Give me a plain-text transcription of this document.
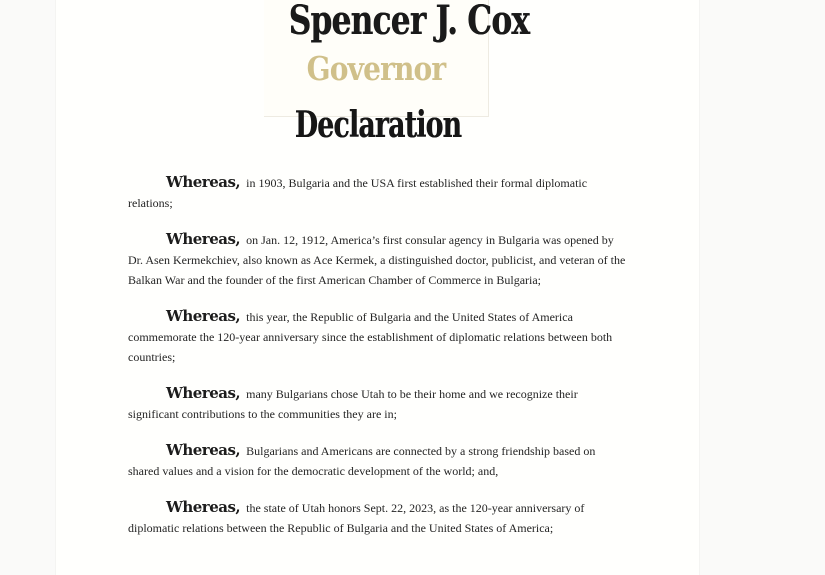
Spencer J. Cox
Governor
Declaration

Whereas, in 1903, Bulgaria and the USA first established their formal diplomatic relations;

Whereas, on Jan. 12, 1912, America’s first consular agency in Bulgaria was opened by Dr. Asen Kermekchiev, also known as Ace Kermek, a distinguished doctor, publicist, and veteran of the Balkan War and the founder of the first American Chamber of Commerce in Bulgaria;

Whereas, this year, the Republic of Bulgaria and the United States of America commemorate the 120-year anniversary since the establishment of diplomatic relations between both countries;

Whereas, many Bulgarians chose Utah to be their home and we recognize their significant contributions to the communities they are in;

Whereas, Bulgarians and Americans are connected by a strong friendship based on shared values and a vision for the democratic development of the world; and,

Whereas, the state of Utah honors Sept. 22, 2023, as the 120-year anniversary of diplomatic relations between the Republic of Bulgaria and the United States of America;
